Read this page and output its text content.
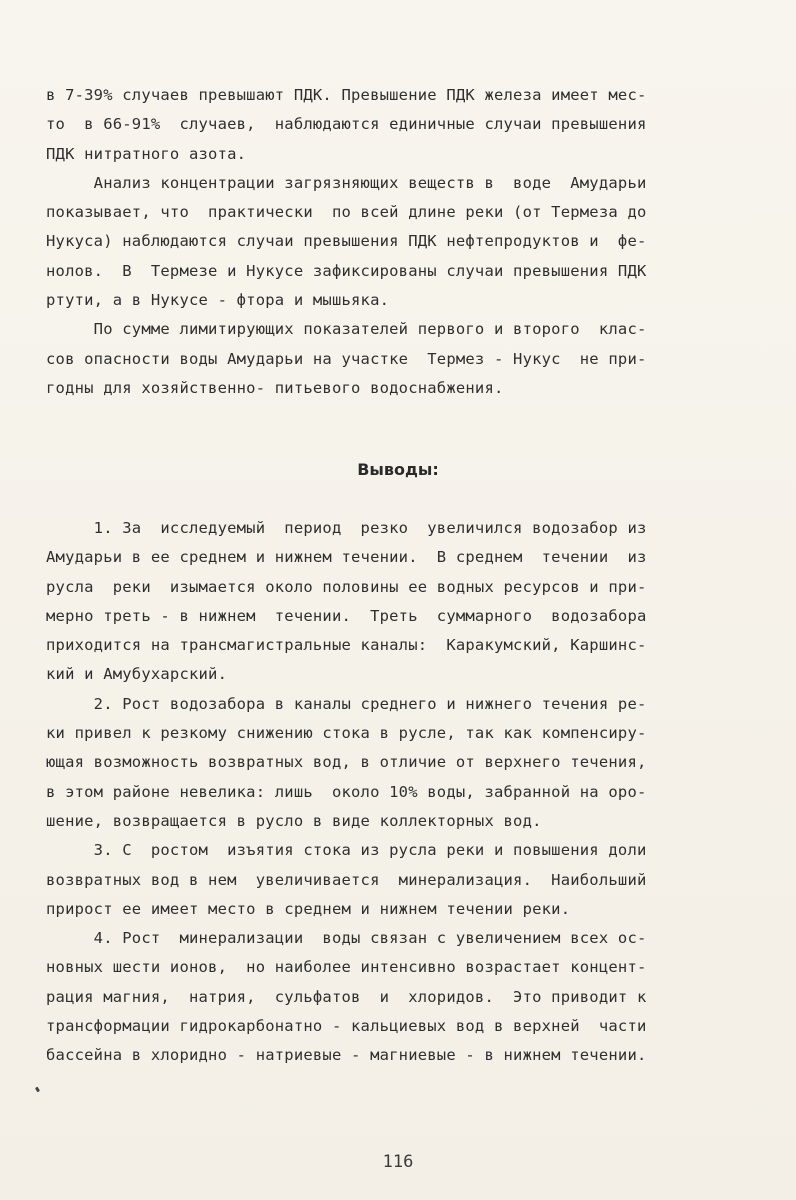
в 7-39% случаев превышают ПДК. Превышение ПДК железа имеет мес-
то  в 66-91%  случаев,  наблюдаются единичные случаи превышения
ПДК нитратного азота.
Анализ концентрации загрязняющих веществ в  воде  Амударьи
показывает, что  практически  по всей длине реки (от Термеза до
Нукуса) наблюдаются случаи превышения ПДК нефтепродуктов и  фе-
нолов.  В  Термезе и Нукусе зафиксированы случаи превышения ПДК
ртути, а в Нукусе - фтора и мышьяка.
По сумме лимитирующих показателей первого и второго  клас-
сов опасности воды Амударьи на участке  Термез - Нукус  не при-
годны для хозяйственно- питьевого водоснабжения.
Выводы:
1. За  исследуемый  период  резко  увеличился водозабор из
Амударьи в ее среднем и нижнем течении.  В среднем  течении  из
русла  реки  изымается около половины ее водных ресурсов и при-
мерно треть - в нижнем  течении.  Треть  суммарного  водозабора
приходится на трансмагистральные каналы:  Каракумский, Каршинс-
кий и Амубухарский.
2. Рост водозабора в каналы среднего и нижнего течения ре-
ки привел к резкому снижению стока в русле, так как компенсиру-
ющая возможность возвратных вод, в отличие от верхнего течения,
в этом районе невелика: лишь  около 10% воды, забранной на оро-
шение, возвращается в русло в виде коллекторных вод.
3. С  ростом  изъятия стока из русла реки и повышения доли
возвратных вод в нем  увеличивается  минерализация.  Наибольший
прирост ее имеет место в среднем и нижнем течении реки.
4. Рост  минерализации  воды связан с увеличением всех ос-
новных шести ионов,  но наиболее интенсивно возрастает концент-
рация магния,  натрия,  сульфатов  и  хлоридов.  Это приводит к
трансформации гидрокарбонатно - кальциевых вод в верхней  части
бассейна в хлоридно - натриевые - магниевые - в нижнем течении.
116
